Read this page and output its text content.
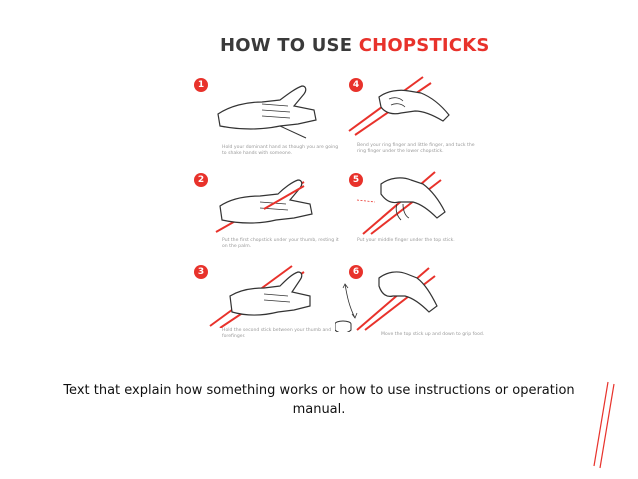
HOW TO USE CHOPSTICKS
1
Hold your dominant hand as though you are going to shake hands with someone.
2
Put the first chopstick under your thumb, resting it on the palm.
3
Hold the second stick between your thumb and forefinger.
4
Bend your ring finger and little finger, and tuck the ring finger under the lower chopstick.
5
Put your middle finger under the top stick.
6
Move the top stick up and down to grip food.
Text that explain how something works or how to use instructions or operation manual.
